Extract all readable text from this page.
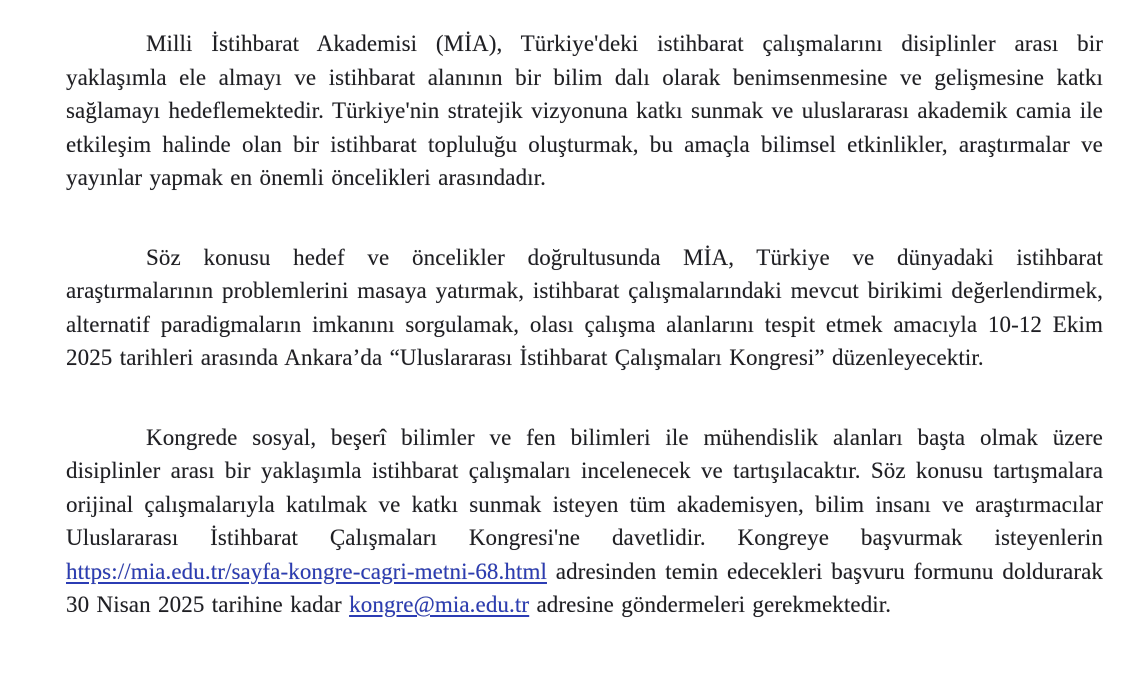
Milli İstihbarat Akademisi (MİA), Türkiye'deki istihbarat çalışmalarını disiplinler arası bir yaklaşımla ele almayı ve istihbarat alanının bir bilim dalı olarak benimsenmesine ve gelişmesine katkı sağlamayı hedeflemektedir. Türkiye'nin stratejik vizyonuna katkı sunmak ve uluslararası akademik camia ile etkileşim halinde olan bir istihbarat topluluğu oluşturmak, bu amaçla bilimsel etkinlikler, araştırmalar ve yayınlar yapmak en önemli öncelikleri arasındadır.

Söz konusu hedef ve öncelikler doğrultusunda MİA, Türkiye ve dünyadaki istihbarat araştırmalarının problemlerini masaya yatırmak, istihbarat çalışmalarındaki mevcut birikimi değerlendirmek, alternatif paradigmaların imkanını sorgulamak, olası çalışma alanlarını tespit etmek amacıyla 10-12 Ekim 2025 tarihleri arasında Ankara’da “Uluslararası İstihbarat Çalışmaları Kongresi” düzenleyecektir.

Kongrede sosyal, beşerî bilimler ve fen bilimleri ile mühendislik alanları başta olmak üzere disiplinler arası bir yaklaşımla istihbarat çalışmaları incelenecek ve tartışılacaktır. Söz konusu tartışmalara orijinal çalışmalarıyla katılmak ve katkı sunmak isteyen tüm akademisyen, bilim insanı ve araştırmacılar Uluslararası İstihbarat Çalışmaları Kongresi'ne davetlidir. Kongreye başvurmak isteyenlerin https://mia.edu.tr/sayfa-kongre-cagri-metni-68.html adresinden temin edecekleri başvuru formunu doldurarak 30 Nisan 2025 tarihine kadar kongre@mia.edu.tr adresine göndermeleri gerekmektedir.
